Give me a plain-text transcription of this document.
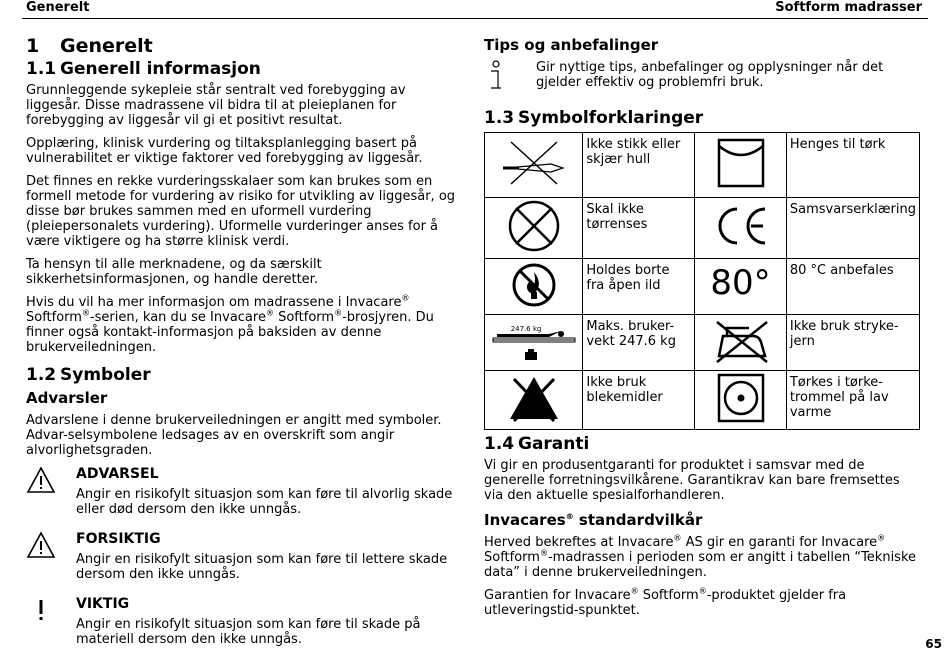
Generelt	Softform madrasser
1 Generelt
1.1 Generell informasjon

Grunnleggende sykepleie står sentralt ved forebygging av liggesår. Disse madrassene vil bidra til at pleieplanen for forebygging av liggesår vil gi et positivt resultat.

Opplæring, klinisk vurdering og tiltaksplanlegging basert på vulnerabilitet er viktige faktorer ved forebygging av liggesår.

Det finnes en rekke vurderingsskalaer som kan brukes som en formell metode for vurdering av risiko for utvikling av liggesår, og disse bør brukes sammen med en uformell vurdering (pleiepersonalets vurdering). Uformelle vurderinger anses for å være viktigere og ha større klinisk verdi.

Ta hensyn til alle merknadene, og da særskilt sikkerhetsinformasjonen, og handle deretter.

Hvis du vil ha mer informasjon om madrassene i Invacare® Softform®-serien, kan du se Invacare® Softform®-brosjyren. Du finner også kontakt-informasjon på baksiden av denne brukerveiledningen.

1.2 Symboler
Advarsler

Advarslene i denne brukerveiledningen er angitt med symboler. Advar-selsymbolene ledsages av en overskrift som angir alvorlighetsgraden.

ADVARSEL
Angir en risikofylt situasjon som kan føre til alvorlig skade eller død dersom den ikke unngås.
FORSIKTIG
Angir en risikofylt situasjon som kan føre til lettere skade dersom den ikke unngås.
VIKTIG
Angir en risikofylt situasjon som kan føre til skade på materiell dersom den ikke unngås.
Tips og anbefalinger
Gir nyttige tips, anbefalinger og opplysninger når det gjelder effektiv og problemfri bruk.
1.3 Symbolforklaringer
	Ikke stikk eller skjær hull		Henges til tørk
	Skal ikke tørrenses		Samsvarserklæring
	Holdes borte fra åpen ild	80°	80 °C anbefales

247.6 kg	Maks. bruker-vekt 247.6 kg		Ikke bruk stryke-jern
	Ikke bruk blekemidler		Tørkes i tørke-trommel på lav varme
1.4 Garanti

Vi gir en produsentgaranti for produktet i samsvar med de generelle forretningsvilkårene. Garantikrav kan bare fremsettes via den aktuelle spesialforhandleren.

Invacares® standardvilkår

Herved bekreftes at Invacare® AS gir en garanti for Invacare® Softform®-madrassen i perioden som er angitt i tabellen “Tekniske data” i denne brukerveiledningen.

Garantien for Invacare® Softform®-produktet gjelder fra utleveringstid-spunktet.

65
